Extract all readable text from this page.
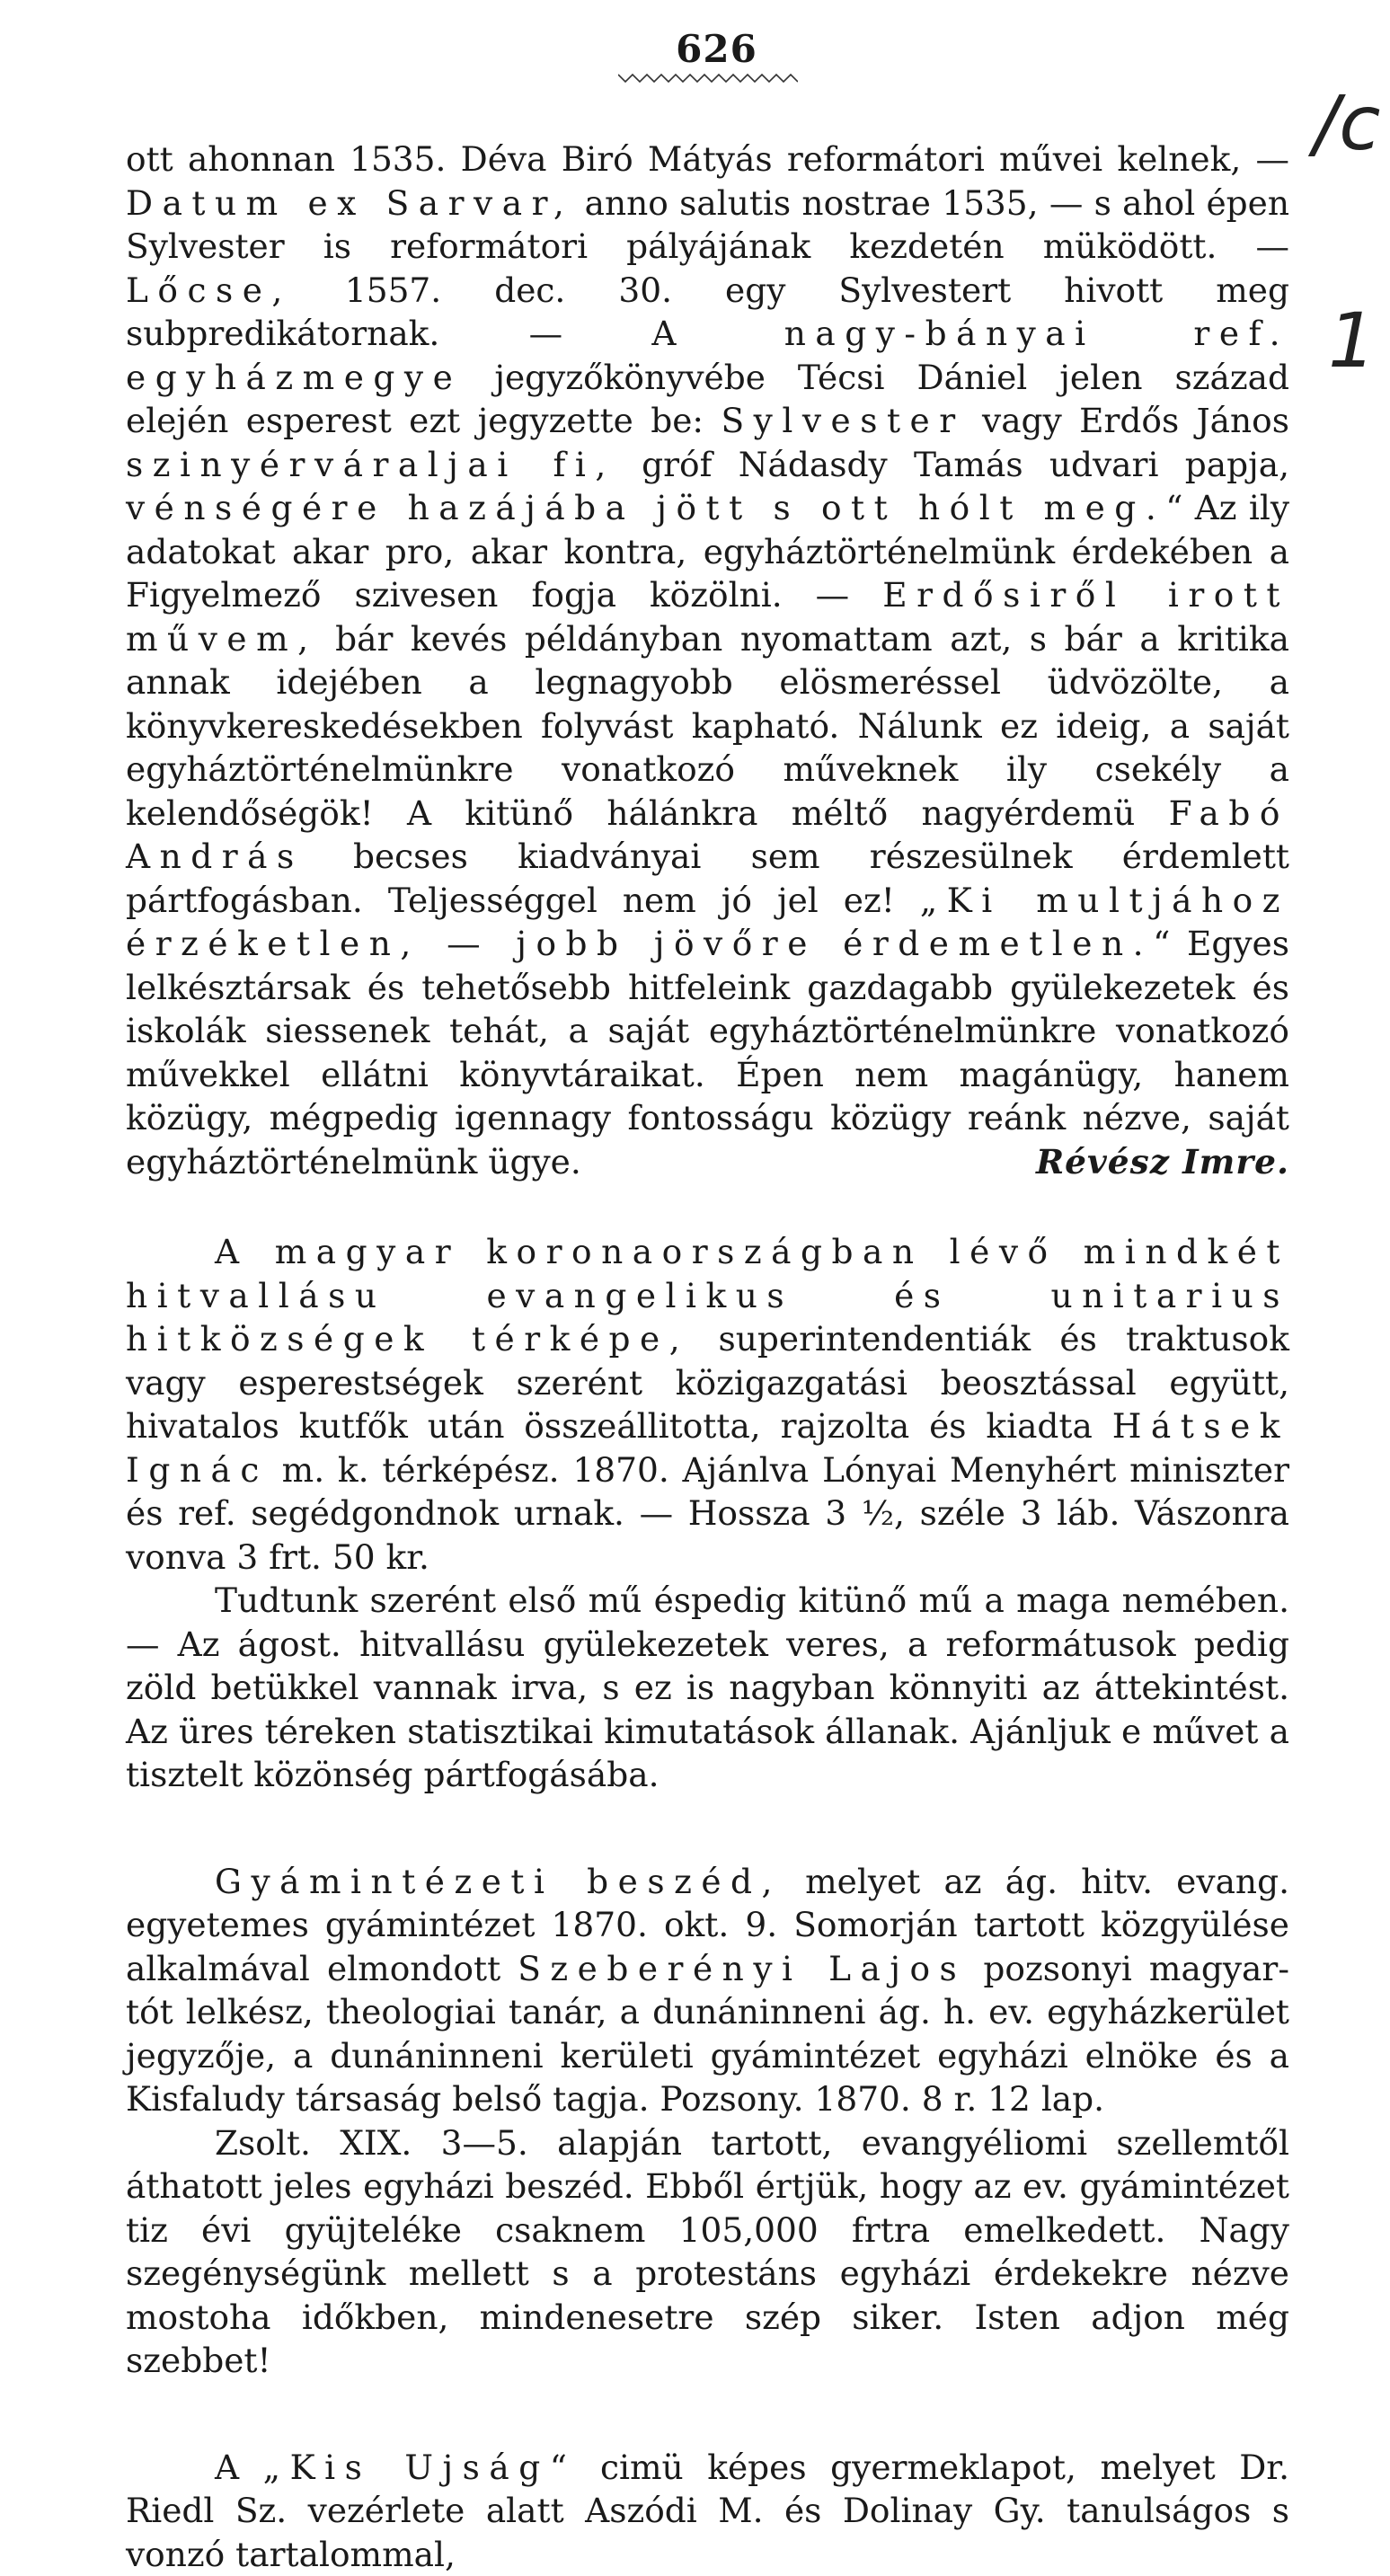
/c
1
626

ott ahonnan 1535. Déva Biró Mátyás reformátori művei kelnek, — Datum ex Sarvar, anno salutis nostrae 1535, — s ahol épen Sylvester is reformátori pályájának kezdetén müködött. — Lőcse, 1557. dec. 30. egy Sylvestert hivott meg subpredikátornak. — A nagy-bányai ref. egyházmegye jegyzőkönyvébe Técsi Dániel jelen század elején esperest ezt jegyzette be: Sylvester vagy Erdős János szinyérváraljai fi, gróf Nádasdy Tamás udvari papja, vénségére hazájába jött s ott hólt meg.“ Az ily adatokat akar pro, akar kontra, egyháztörténelmünk érdekében a Figyelmező szivesen fogja közölni. — Erdősiről irott művem, bár kevés példányban nyomattam azt, s bár a kritika annak idejében a legnagyobb elösmeréssel üdvözölte, a könyvkereskedésekben folyvást kapható. Nálunk ez ideig, a saját egyháztörténelmünkre vonatkozó műveknek ily csekély a kelendőségök! A kitünő hálánkra méltő nagyérdemü Fabó András becses kiadványai sem részesülnek érdemlett pártfogásban. Teljességgel nem jó jel ez! „Ki multjához érzéketlen, — jobb jövőre érdemetlen.“ Egyes lelkésztársak és tehetősebb hitfeleink gazdagabb gyülekezetek és iskolák siessenek tehát, a saját egyháztörténelmünkre vonatkozó művekkel ellátni könyvtáraikat. Épen nem magánügy, hanem közügy, mégpedig igennagy fontosságu közügy reánk nézve, saját egyháztörténelmünk ügye.	Révész Imre.

A magyar koronaországban lévő mindkét hitvallásu evangelikus és unitarius hitközségek térképe, superintendentiák és traktusok vagy esperestségek szerént közigazgatási beosztással együtt, hivatalos kutfők után összeállitotta, rajzolta és kiadta Hátsek Ignác m. k. térképész. 1870. Ajánlva Lónyai Menyhért miniszter és ref. segédgondnok urnak. — Hossza 3 ½, széle 3 láb. Vászonra vonva 3 frt. 50 kr.

Tudtunk szerént első mű éspedig kitünő mű a maga nemében. — Az ágost. hitvallásu gyülekezetek veres, a reformátusok pedig zöld betükkel vannak irva, s ez is nagyban könnyiti az áttekintést. Az üres téreken statisztikai kimutatások állanak. Ajánljuk e művet a tisztelt közönség pártfogásába.

Gyámintézeti beszéd, melyet az ág. hitv. evang. egyetemes gyámintézet 1870. okt. 9. Somorján tartott közgyülése alkalmával elmondott Szeberényi Lajos pozsonyi magyar-tót lelkész, theologiai tanár, a dunáninneni ág. h. ev. egyházkerület jegyzője, a dunáninneni kerületi gyámintézet egyházi elnöke és a Kisfaludy társaság belső tagja. Pozsony. 1870. 8 r. 12 lap.

Zsolt. XIX. 3—5. alapján tartott, evangyéliomi szellemtől áthatott jeles egyházi beszéd. Ebből értjük, hogy az ev. gyámintézet tiz évi gyüjteléke csaknem 105,000 frtra emelkedett. Nagy szegénységünk mellett s a protestáns egyházi érdekekre nézve mostoha időkben, mindenesetre szép siker. Isten adjon még szebbet!

A „Kis Ujság“ cimü képes gyermeklapot, melyet Dr. Riedl Sz. vezérlete alatt Aszódi M. és Dolinay Gy. tanulságos s vonzó tartalommal,
